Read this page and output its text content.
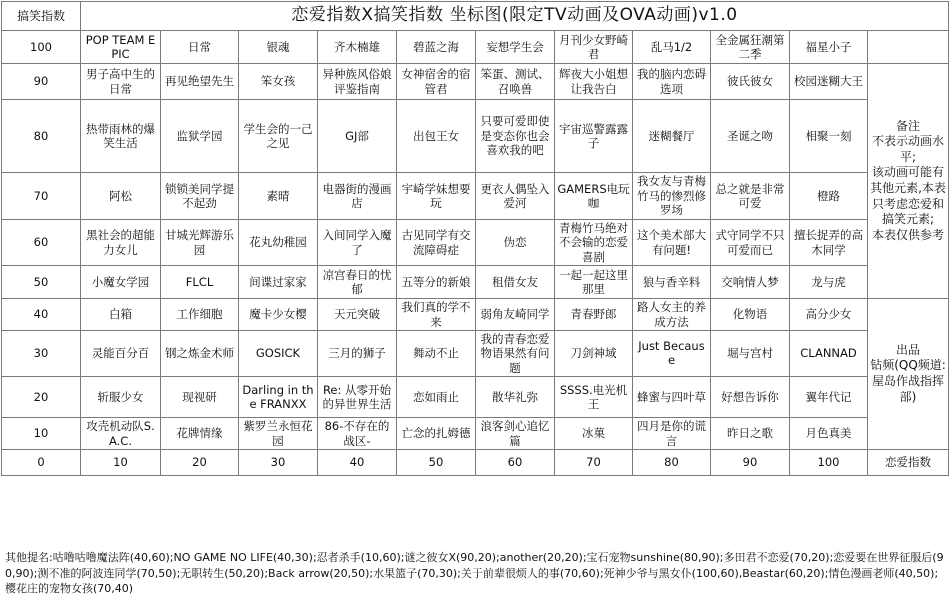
搞笑指数	恋爱指数X搞笑指数 坐标图(限定TV动画及OVA动画)v1.0										
100	POP TEAM EPIC	日常	银魂	齐木楠雄	碧蓝之海	妄想学生会	月刊少女野崎君	乱马1/2	全金属狂潮第二季	福星小子	
90	男子高中生的日常	再见绝望先生	笨女孩	异种族风俗娘评鉴指南	女神宿舍的宿管君	笨蛋、测试、召唤兽	辉夜大小姐想让我告白	我的脑内恋碍选项	彼氏彼女	校园迷糊大王	备注
不表示动画水平;
该动画可能有其他元素,本表只考虑恋爱和搞笑元素;
本表仅供参考
80	热带雨林的爆笑生活	监狱学园	学生会的一己之见	GJ部	出包王女	只要可爱即使是变态你也会喜欢我的吧	宇宙巡警露露子	迷糊餐厅	圣诞之吻	相聚一刻	
70	阿松	锁锁美同学提不起劲	素晴	电器街的漫画店	宇崎学妹想要玩	更衣人偶坠入爱河	GAMERS电玩咖	我女友与青梅竹马的惨烈修罗场	总之就是非常可爱	橙路	
60	黑社会的超能力女儿	甘城光辉游乐园	花丸幼稚园	入间同学入魔了	古见同学有交流障碍症	伪恋	青梅竹马绝对不会输的恋爱喜剧	这个美术部大有问题!	式守同学不只可爱而已	擅长捉弄的高木同学	
50	小魔女学园	FLCL	间谍过家家	凉宫春日的忧郁	五等分的新娘	租借女友	一起一起这里那里	狼与香辛料	交响情人梦	龙与虎	
40	白箱	工作细胞	魔卡少女樱	天元突破	我们真的学不来	弱角友崎同学	青春野郎	路人女主的养成方法	化物语	高分少女	出品
钻频(QQ频道:屋岛作战指挥部)
30	灵能百分百	钢之炼金术师	GOSICK	三月的狮子	舞动不止	我的青春恋爱物语果然有问题	刀剑神域	Just Because	堀与宫村	CLANNAD	
20	斩服少女	现视研	Darling in the FRANXX	Re: 从零开始的异世界生活	恋如雨止	散华礼弥	SSSS.电光机王	蜂蜜与四叶草	好想告诉你	翼年代记	
10	攻壳机动队S.A.C.	花牌情缘	紫罗兰永恒花园	86-不存在的战区-	亡念的扎姆德	浪客剑心追忆篇	冰菓	四月是你的谎言	昨日之歌	月色真美	
0	10	20	30	40	50	60	70	80	90	100	恋爱指数
其他提名:咕噜咕噜魔法阵(40,60);NO GAME NO LIFE(40,30);忍者杀手(10,60);谜之彼女X(90,20);another(20,20);宝石宠物sunshine(80,90);多田君不恋爱(70,20);恋爱要在世界征服后(90,90);测不准的阿波连同学(70,50);无职转生(50,20);Back arrow(20,50);水果篮子(70,30);关于前辈很烦人的事(70,60);死神少爷与黑女仆(100,60),Beastar(60,20);情色漫画老师(40,50);樱花庄的宠物女孩(70,40)
